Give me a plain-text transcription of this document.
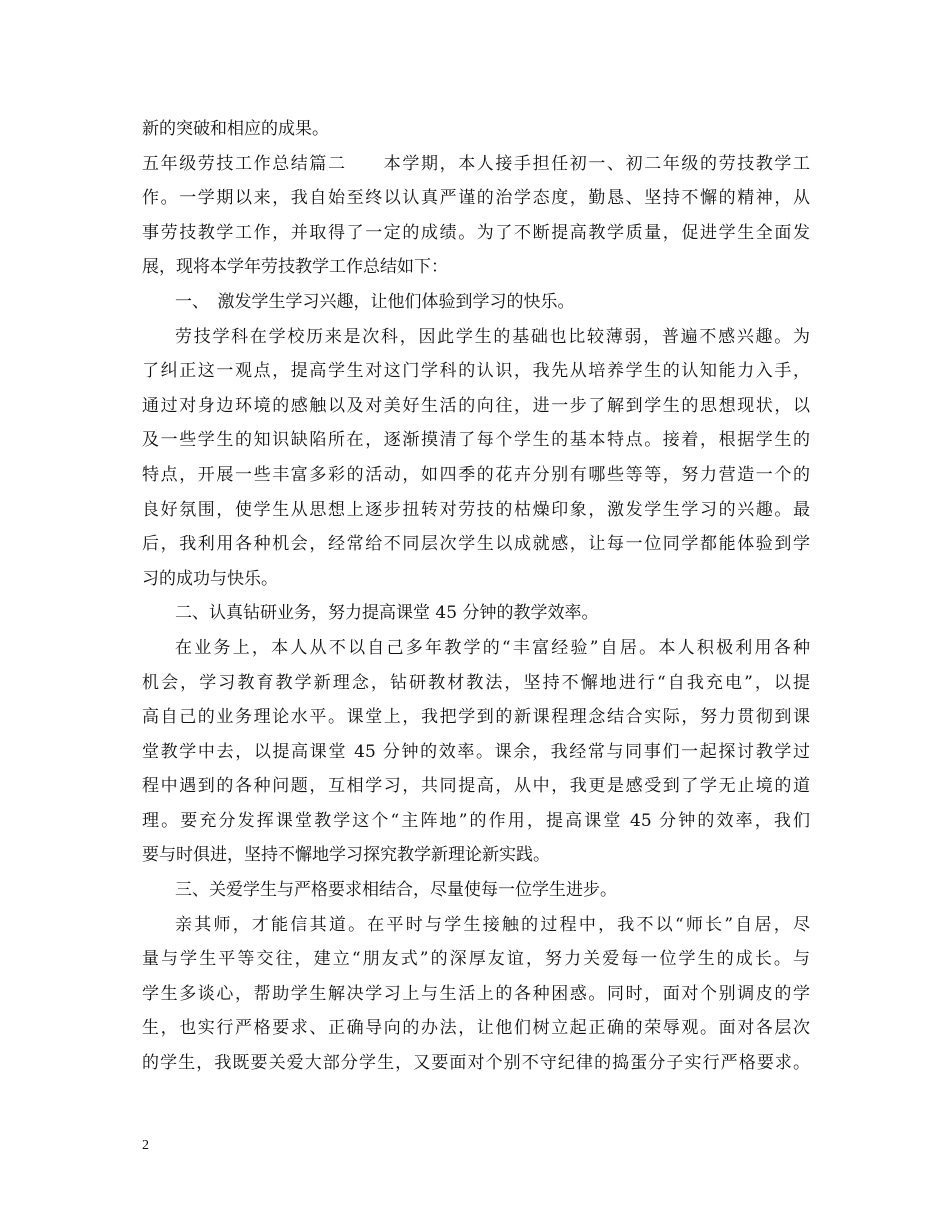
新的突破和相应的成果。
五年级劳技工作总结篇二　　本学期，本人接手担任初一、初二年级的劳技教学工
作。一学期以来，我自始至终以认真严谨的治学态度，勤恳、坚持不懈的精神，从
事劳技教学工作，并取得了一定的成绩。为了不断提高教学质量，促进学生全面发
展，现将本学年劳技教学工作总结如下：
一、　激发学生学习兴趣，让他们体验到学习的快乐。
劳技学科在学校历来是次科，因此学生的基础也比较薄弱，普遍不感兴趣。为
了纠正这一观点，提高学生对这门学科的认识，我先从培养学生的认知能力入手，
通过对身边环境的感触以及对美好生活的向往，进一步了解到学生的思想现状，以
及一些学生的知识缺陷所在，逐渐摸清了每个学生的基本特点。接着，根据学生的
特点，开展一些丰富多彩的活动，如四季的花卉分别有哪些等等，努力营造一个的
良好氛围，使学生从思想上逐步扭转对劳技的枯燥印象，激发学生学习的兴趣。最
后，我利用各种机会，经常给不同层次学生以成就感，让每一位同学都能体验到学
习的成功与快乐。
二、认真钻研业务，努力提高课堂 45 分钟的教学效率。
在业务上，本人从不以自己多年教学的“丰富经验”自居。本人积极利用各种
机会，学习教育教学新理念，钻研教材教法，坚持不懈地进行“自我充电”，以提
高自己的业务理论水平。课堂上，我把学到的新课程理念结合实际，努力贯彻到课
堂教学中去，以提高课堂 45 分钟的效率。课余，我经常与同事们一起探讨教学过
程中遇到的各种问题，互相学习，共同提高，从中，我更是感受到了学无止境的道
理。要充分发挥课堂教学这个“主阵地”的作用，提高课堂 45 分钟的效率，我们
要与时俱进，坚持不懈地学习探究教学新理论新实践。
三、关爱学生与严格要求相结合，尽量使每一位学生进步。
亲其师，才能信其道。在平时与学生接触的过程中，我不以“师长”自居，尽
量与学生平等交往，建立“朋友式”的深厚友谊，努力关爱每一位学生的成长。与
学生多谈心，帮助学生解决学习上与生活上的各种困惑。同时，面对个别调皮的学
生，也实行严格要求、正确导向的办法，让他们树立起正确的荣辱观。面对各层次
的学生，我既要关爱大部分学生，又要面对个别不守纪律的捣蛋分子实行严格要求。
2
